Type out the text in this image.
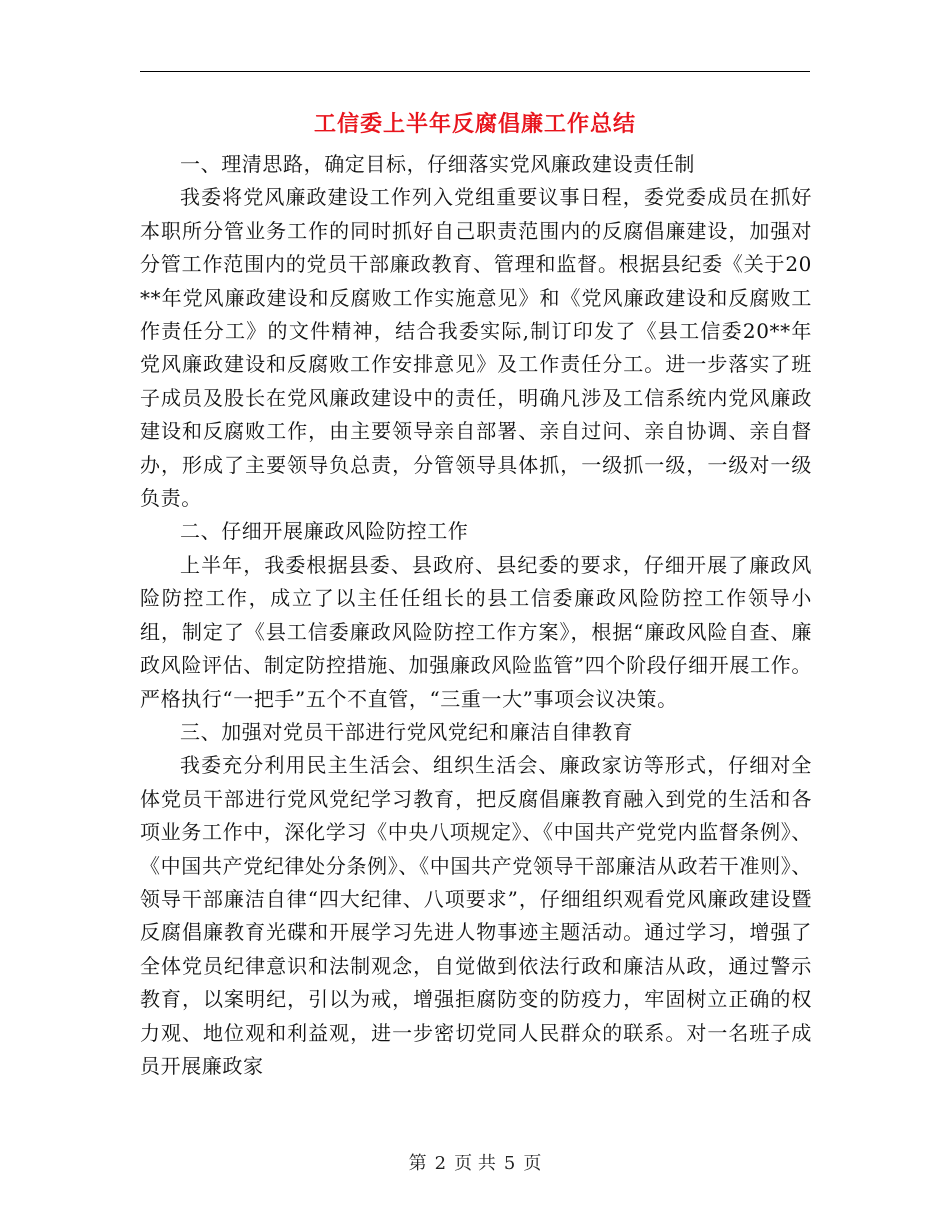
工信委上半年反腐倡廉工作总结

一、理清思路，确定目标，仔细落实党风廉政建设责任制

我委将党风廉政建设工作列入党组重要议事日程，委党委成员在抓好本职所分管业务工作的同时抓好自己职责范围内的反腐倡廉建设，加强对分管工作范围内的党员干部廉政教育、管理和监督。根据县纪委《关于20**年党风廉政建设和反腐败工作实施意见》和《党风廉政建设和反腐败工作责任分工》的文件精神，结合我委实际,制订印发了《县工信委20**年党风廉政建设和反腐败工作安排意见》及工作责任分工。进一步落实了班子成员及股长在党风廉政建设中的责任，明确凡涉及工信系统内党风廉政建设和反腐败工作，由主要领导亲自部署、亲自过问、亲自协调、亲自督办，形成了主要领导负总责，分管领导具体抓，一级抓一级，一级对一级负责。

二、仔细开展廉政风险防控工作

上半年，我委根据县委、县政府、县纪委的要求，仔细开展了廉政风险防控工作，成立了以主任任组长的县工信委廉政风险防控工作领导小组，制定了《县工信委廉政风险防控工作方案》，根据“廉政风险自查、廉政风险评估、制定防控措施、加强廉政风险监管”四个阶段仔细开展工作。严格执行“一把手”五个不直管，“三重一大”事项会议决策。

三、加强对党员干部进行党风党纪和廉洁自律教育

我委充分利用民主生活会、组织生活会、廉政家访等形式，仔细对全体党员干部进行党风党纪学习教育，把反腐倡廉教育融入到党的生活和各项业务工作中，深化学习《中央八项规定》、《中国共产党党内监督条例》、《中国共产党纪律处分条例》、《中国共产党领导干部廉洁从政若干准则》、领导干部廉洁自律“四大纪律、八项要求”，仔细组织观看党风廉政建设暨反腐倡廉教育光碟和开展学习先进人物事迹主题活动。通过学习，增强了全体党员纪律意识和法制观念，自觉做到依法行政和廉洁从政，通过警示教育，以案明纪，引以为戒，增强拒腐防变的防疫力，牢固树立正确的权力观、地位观和利益观，进一步密切党同人民群众的联系。对一名班子成员开展廉政家

第 2 页 共 5 页
